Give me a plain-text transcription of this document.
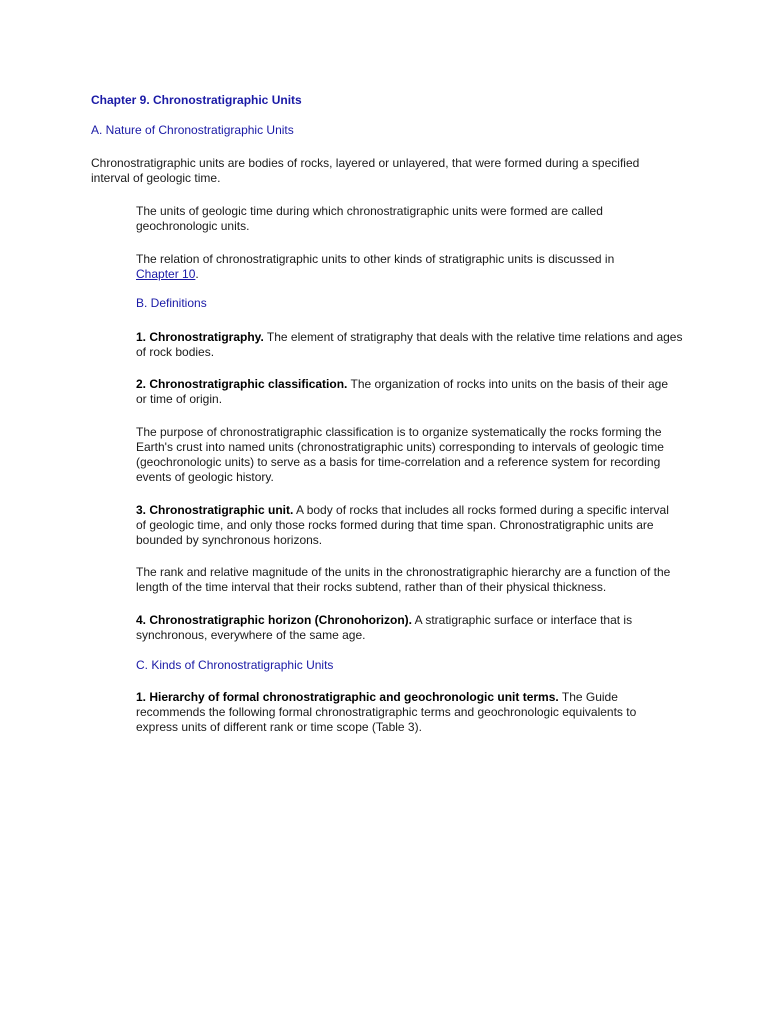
Chapter 9. Chronostratigraphic Units

A. Nature of Chronostratigraphic Units

Chronostratigraphic units are bodies of rocks, layered or unlayered, that were formed during a specified interval of geologic time.

The units of geologic time during which chronostratigraphic units were formed are called geochronologic units.

The relation of chronostratigraphic units to other kinds of stratigraphic units is discussed in Chapter 10.

B. Definitions

1. Chronostratigraphy. The element of stratigraphy that deals with the relative time relations and ages of rock bodies.

2. Chronostratigraphic classification. The organization of rocks into units on the basis of their age or time of origin.

The purpose of chronostratigraphic classification is to organize systematically the rocks forming the Earth's crust into named units (chronostratigraphic units) corresponding to intervals of geologic time (geochronologic units) to serve as a basis for time-correlation and a reference system for recording events of geologic history.

3. Chronostratigraphic unit. A body of rocks that includes all rocks formed during a specific interval of geologic time, and only those rocks formed during that time span. Chronostratigraphic units are bounded by synchronous horizons.

The rank and relative magnitude of the units in the chronostratigraphic hierarchy are a function of the length of the time interval that their rocks subtend, rather than of their physical thickness.

4. Chronostratigraphic horizon (Chronohorizon). A stratigraphic surface or interface that is synchronous, everywhere of the same age.

C. Kinds of Chronostratigraphic Units

1. Hierarchy of formal chronostratigraphic and geochronologic unit terms. The Guide recommends the following formal chronostratigraphic terms and geochronologic equivalents to express units of different rank or time scope (Table 3).
